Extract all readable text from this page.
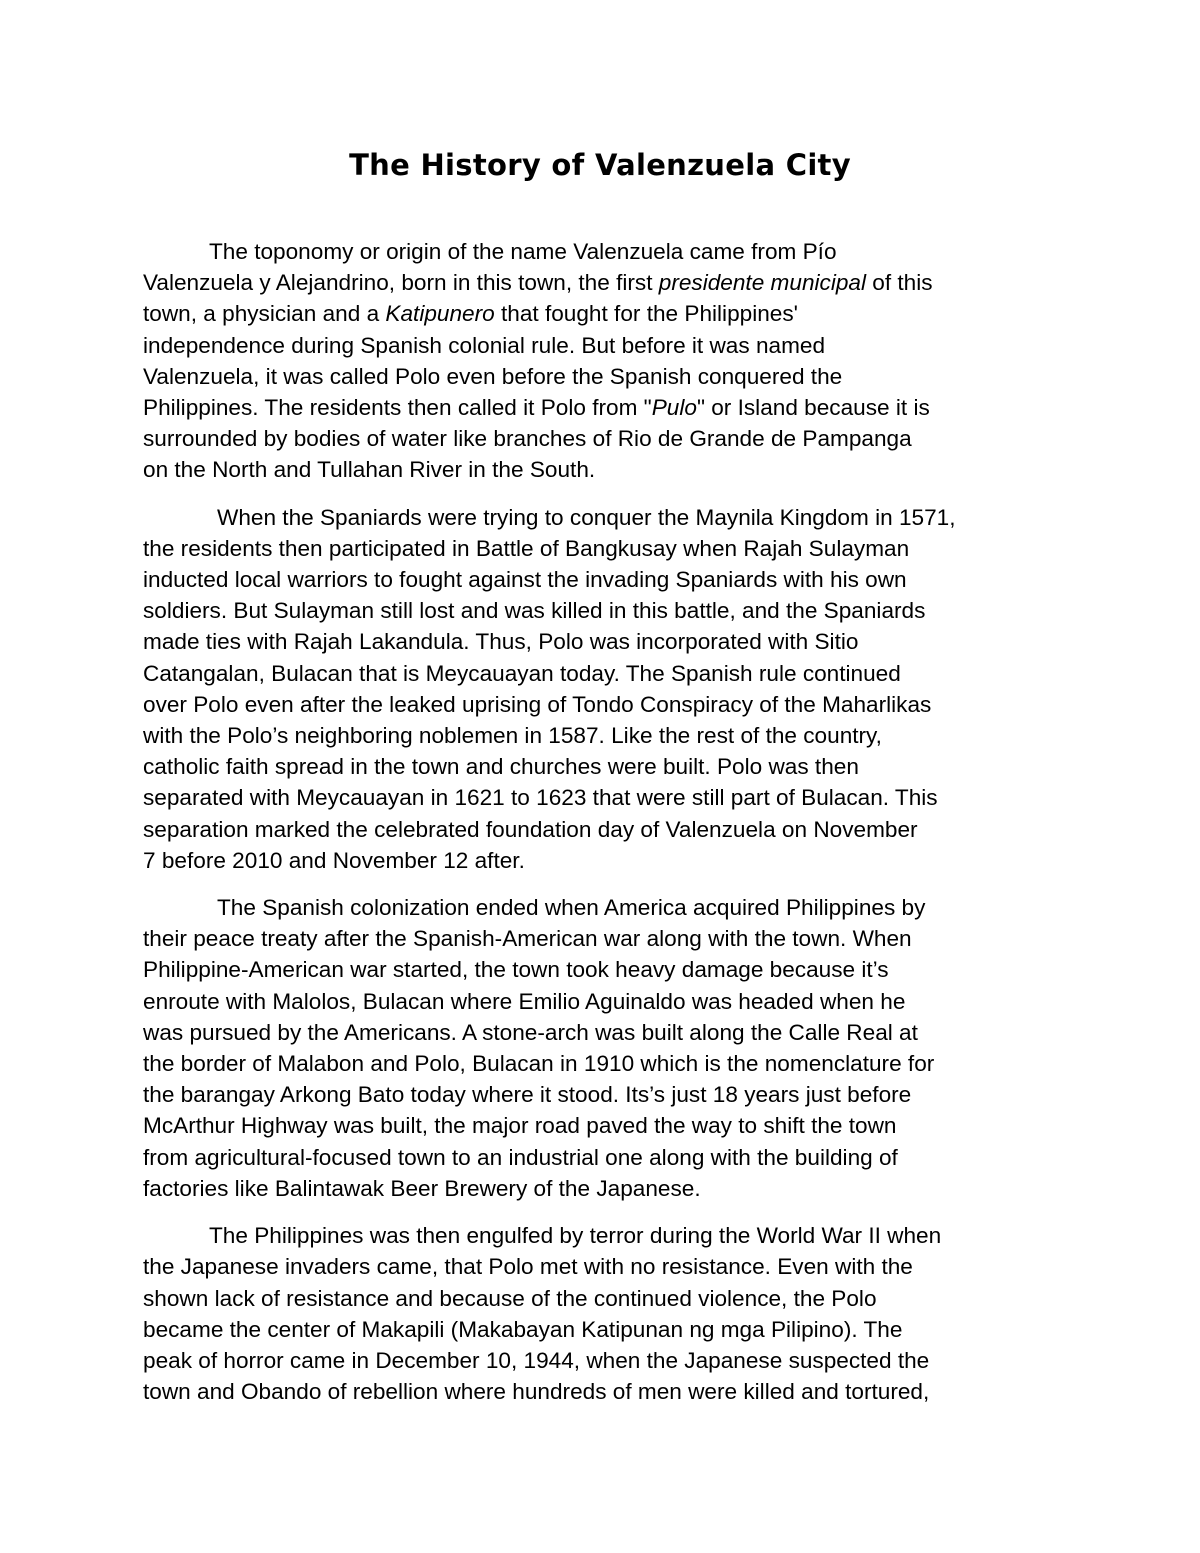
The History of Valenzuela City
The toponomy or origin of the name Valenzuela came from Pío
Valenzuela y Alejandrino, born in this town, the first presidente municipal of this
town, a physician and a Katipunero that fought for the Philippines'
independence during Spanish colonial rule. But before it was named
Valenzuela, it was called Polo even before the Spanish conquered the
Philippines. The residents then called it Polo from "Pulo" or Island because it is
surrounded by bodies of water like branches of Rio de Grande de Pampanga
on the North and Tullahan River in the South.
When the Spaniards were trying to conquer the Maynila Kingdom in 1571,
the residents then participated in Battle of Bangkusay when Rajah Sulayman
inducted local warriors to fought against the invading Spaniards with his own
soldiers. But Sulayman still lost and was killed in this battle, and the Spaniards
made ties with Rajah Lakandula. Thus, Polo was incorporated with Sitio
Catangalan, Bulacan that is Meycauayan today. The Spanish rule continued
over Polo even after the leaked uprising of Tondo Conspiracy of the Maharlikas
with the Polo’s neighboring noblemen in 1587. Like the rest of the country,
catholic faith spread in the town and churches were built. Polo was then
separated with Meycauayan in 1621 to 1623 that were still part of Bulacan. This
separation marked the celebrated foundation day of Valenzuela on November
7 before 2010 and November 12 after.
The Spanish colonization ended when America acquired Philippines by
their peace treaty after the Spanish-American war along with the town. When
Philippine-American war started, the town took heavy damage because it’s
enroute with Malolos, Bulacan where Emilio Aguinaldo was headed when he
was pursued by the Americans. A stone-arch was built along the Calle Real at
the border of Malabon and Polo, Bulacan in 1910 which is the nomenclature for
the barangay Arkong Bato today where it stood. Its’s just 18 years just before
McArthur Highway was built, the major road paved the way to shift the town
from agricultural-focused town to an industrial one along with the building of
factories like Balintawak Beer Brewery of the Japanese.
The Philippines was then engulfed by terror during the World War II when
the Japanese invaders came, that Polo met with no resistance. Even with the
shown lack of resistance and because of the continued violence, the Polo
became the center of Makapili (Makabayan Katipunan ng mga Pilipino). The
peak of horror came in December 10, 1944, when the Japanese suspected the
town and Obando of rebellion where hundreds of men were killed and tortured,
